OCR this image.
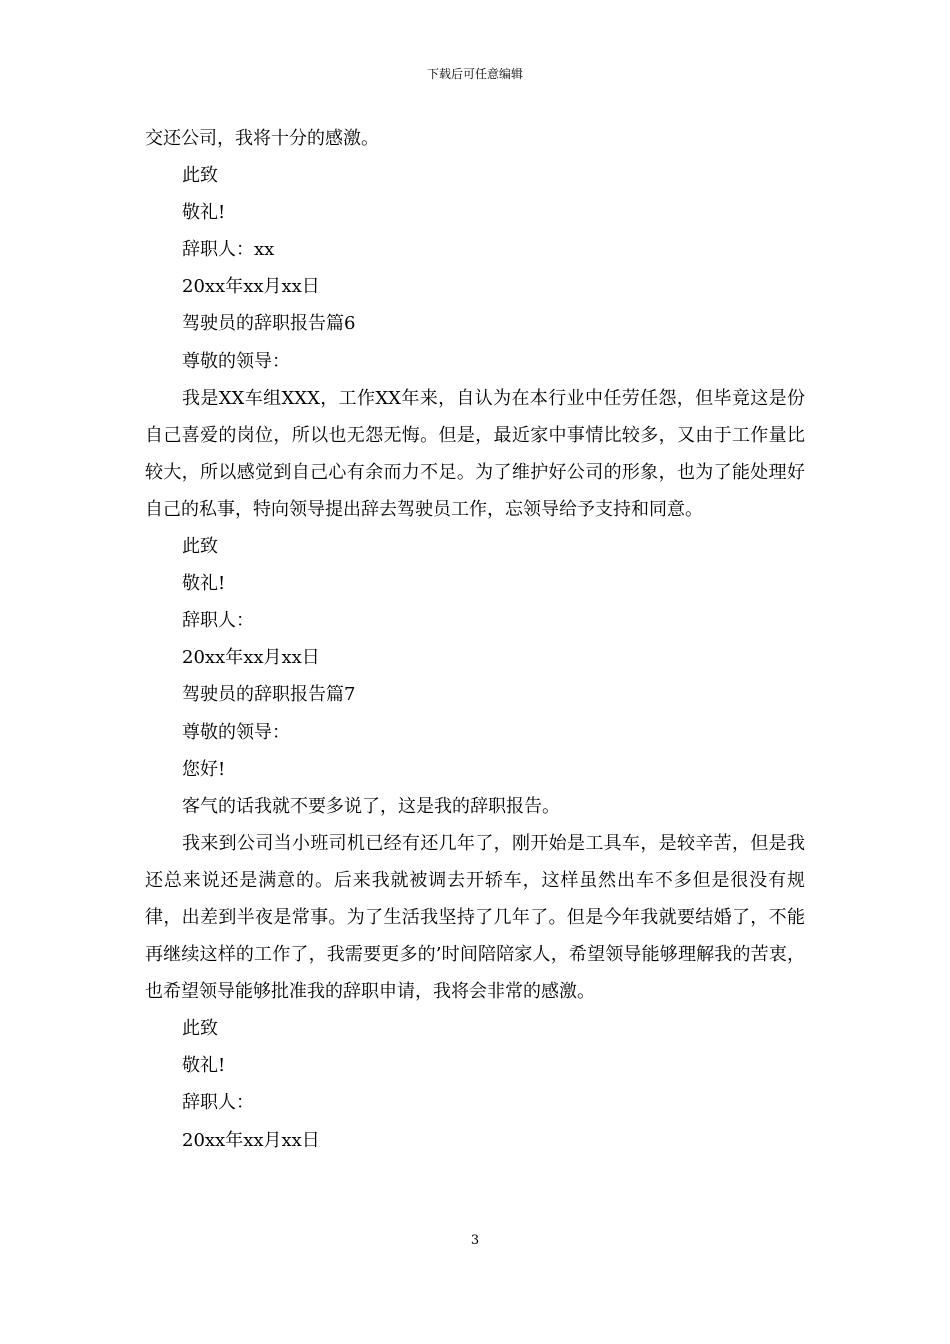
下载后可任意编辑

交还公司，我将十分的感激。

此致

敬礼!

辞职人：xx

20xx年xx月xx日

驾驶员的辞职报告篇6

尊敬的领导：

我是XX车组XXX，工作XX年来，自认为在本行业中任劳任怨，但毕竟这是份自己喜爱的岗位，所以也无怨无悔。但是，最近家中事情比较多，又由于工作量比较大，所以感觉到自己心有余而力不足。为了维护好公司的形象，也为了能处理好自己的私事，特向领导提出辞去驾驶员工作，忘领导给予支持和同意。

此致

敬礼!

辞职人：

20xx年xx月xx日

驾驶员的辞职报告篇7

尊敬的领导：

您好!

客气的话我就不要多说了，这是我的辞职报告。

我来到公司当小班司机已经有还几年了，刚开始是工具车，是较辛苦，但是我还总来说还是满意的。后来我就被调去开轿车，这样虽然出车不多但是很没有规律，出差到半夜是常事。为了生活我坚持了几年了。但是今年我就要结婚了，不能再继续这样的工作了，我需要更多的’时间陪陪家人，希望领导能够理解我的苦衷，也希望领导能够批准我的辞职申请，我将会非常的感激。

此致

敬礼!

辞职人：

20xx年xx月xx日

3
